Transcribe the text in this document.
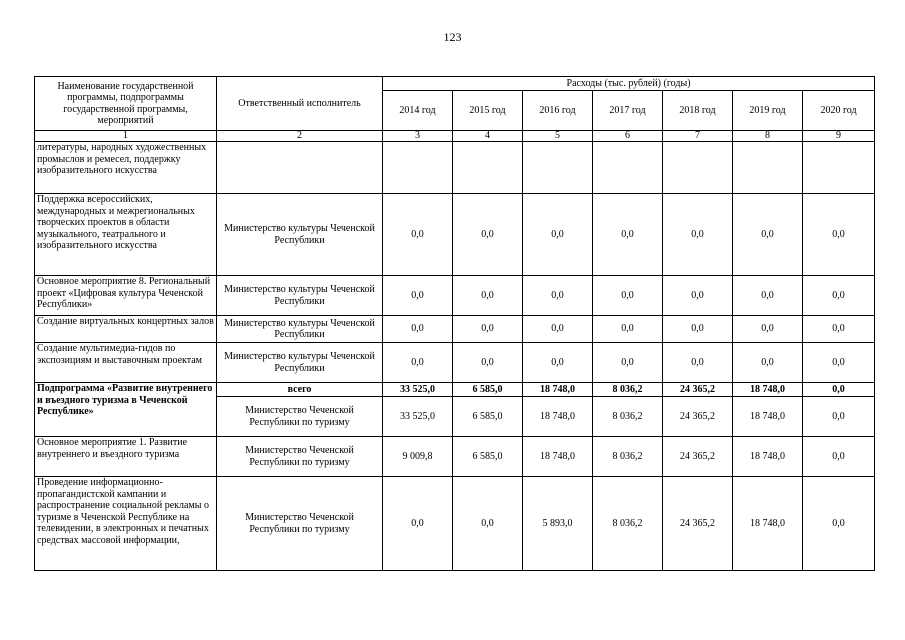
123
Наименование государственной программы, подпрограммы государственной программы, мероприятий	Ответственный исполнитель	Расходы (тыс. рублей) (годы)						
		2014 год	2015 год	2016 год	2017 год	2018 год	2019 год	2020 год
1	2	3	4	5	6	7	8	9
литературы, народных художественных промыслов и ремесел, поддержку изобразительного искусства								
Поддержка всероссийских, международных и межрегиональных творческих проектов в области музыкального, театрального и изобразительного искусства	Министерство культуры Чеченской Республики	0,0	0,0	0,0	0,0	0,0	0,0	0,0
Основное мероприятие 8. Региональный проект «Цифровая культура Чеченской Республики»	Министерство культуры Чеченской Республики	0,0	0,0	0,0	0,0	0,0	0,0	0,0
Создание виртуальных концертных залов	Министерство культуры Чеченской Республики	0,0	0,0	0,0	0,0	0,0	0,0	0,0
Создание мультимедиа-гидов по экспозициям и выставочным проектам	Министерство культуры Чеченской Республики	0,0	0,0	0,0	0,0	0,0	0,0	0,0
Подпрограмма «Развитие внутреннего и въездного туризма в Чеченской Республике»	всего	33 525,0	6 585,0	18 748,0	8 036,2	24 365,2	18 748,0	0,0
	Министерство Чеченской Республики по туризму	33 525,0	6 585,0	18 748,0	8 036,2	24 365,2	18 748,0	0,0
Основное мероприятие 1. Развитие внутреннего и въездного туризма	Министерство Чеченской Республики по туризму	9 009,8	6 585,0	18 748,0	8 036,2	24 365,2	18 748,0	0,0
Проведение информационно-пропагандистской кампании и распространение социальной рекламы о туризме в Чеченской Республике на телевидении, в электронных и печатных средствах массовой информации,	Министерство Чеченской Республики по туризму	0,0	0,0	5 893,0	8 036,2	24 365,2	18 748,0	0,0
